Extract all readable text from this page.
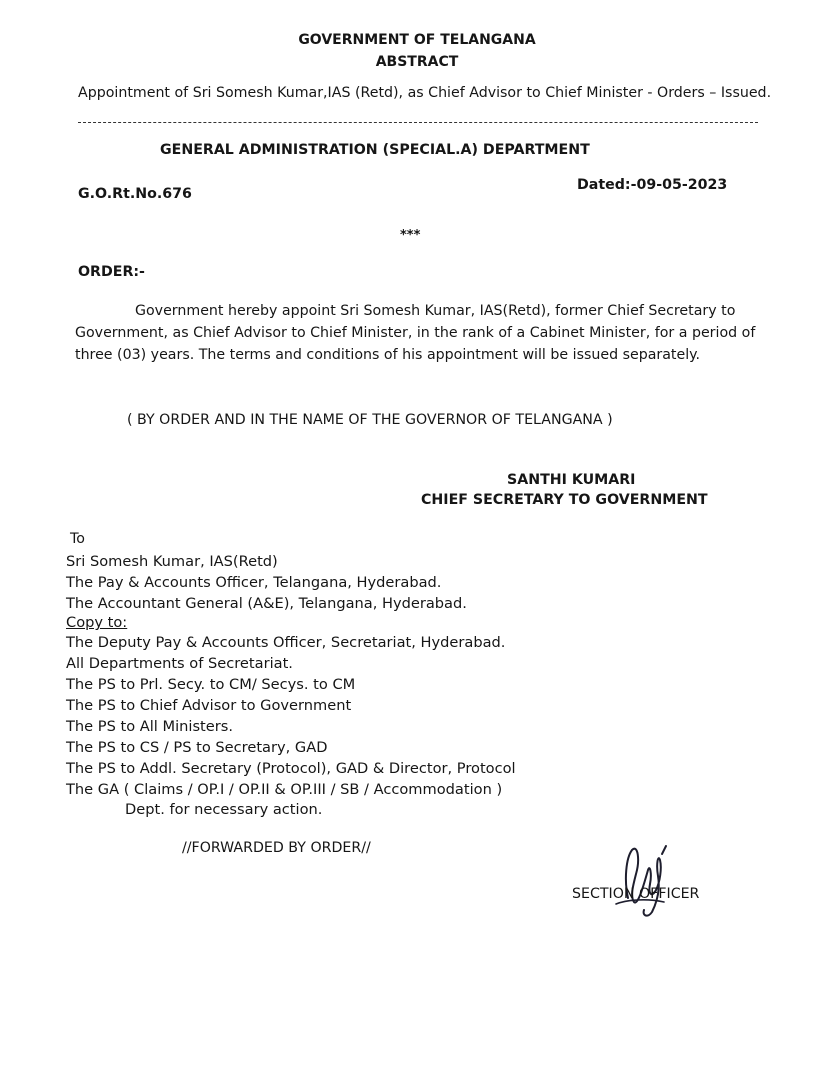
GOVERNMENT OF TELANGANA
ABSTRACT
Appointment of Sri Somesh Kumar,IAS (Retd), as Chief Advisor to Chief Minister - Orders – Issued.
GENERAL ADMINISTRATION (SPECIAL.A) DEPARTMENT
G.O.Rt.No.676
Dated:-09-05-2023
***
ORDER:-
Government hereby appoint Sri Somesh Kumar, IAS(Retd), former Chief Secretary to Government, as Chief Advisor to Chief Minister, in the rank of a Cabinet Minister, for a period of three (03) years. The terms and conditions of his appointment will be issued separately.
( BY ORDER AND IN THE NAME OF THE GOVERNOR OF TELANGANA )
SANTHI KUMARI
CHIEF SECRETARY TO GOVERNMENT
To
Sri Somesh Kumar, IAS(Retd)
The Pay & Accounts Officer, Telangana, Hyderabad.
The Accountant General (A&E), Telangana, Hyderabad.
Copy to:
The Deputy Pay & Accounts Officer, Secretariat, Hyderabad.
All Departments of Secretariat.
The PS to Prl. Secy. to CM/ Secys. to CM
The PS to Chief Advisor to Government
The PS to All Ministers.
The PS to CS / PS to Secretary, GAD
The PS to Addl. Secretary (Protocol), GAD & Director, Protocol
The GA ( Claims / OP.I / OP.II & OP.III / SB / Accommodation )
Dept. for necessary action.
//FORWARDED BY ORDER//
SECTION OFFICER
